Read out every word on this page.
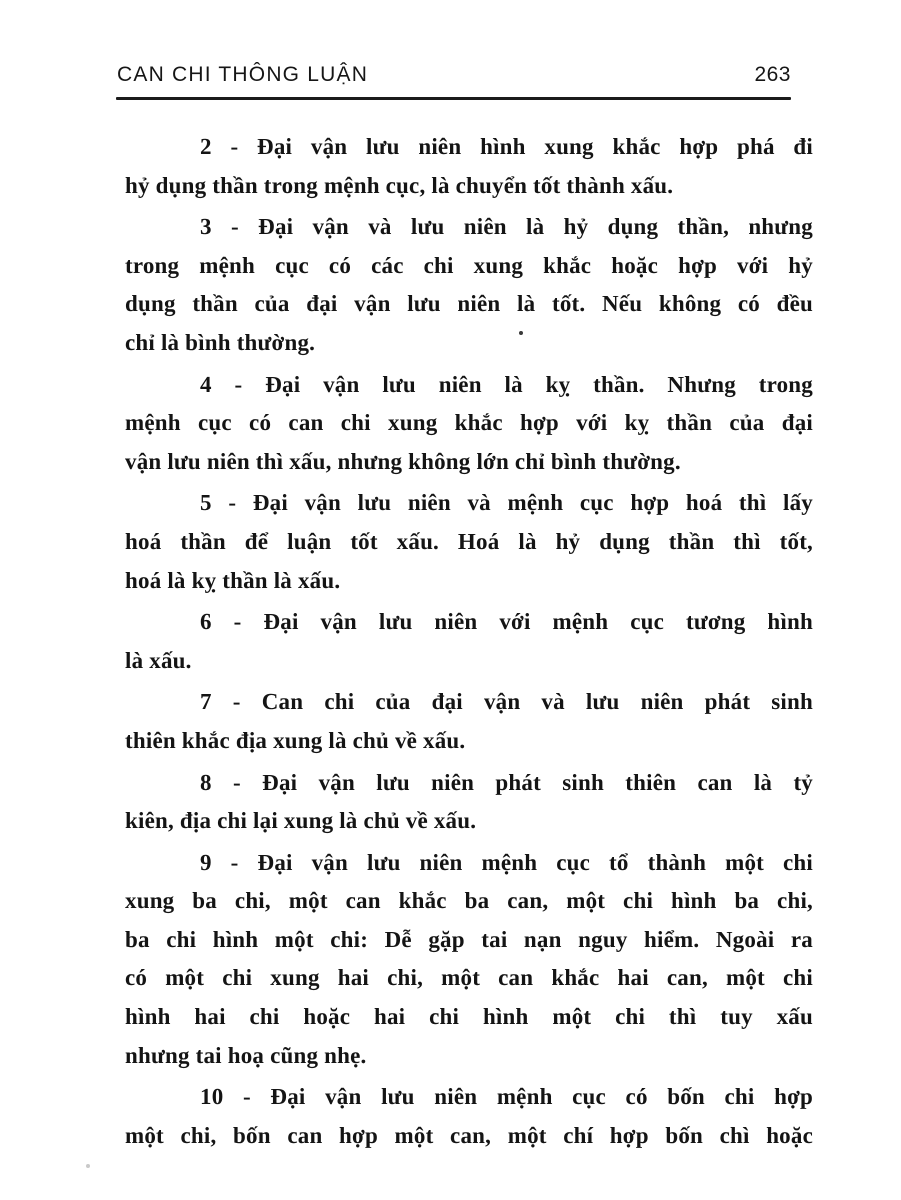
CAN CHI THÔNG LUẬN	263
2 - Đại vận lưu niên hình xung khắc hợp phá đi
hỷ dụng thần trong mệnh cục, là chuyển tốt thành xấu.
3 - Đại vận và lưu niên là hỷ dụng thần, nhưng
trong mệnh cục có các chi xung khắc hoặc hợp với hỷ
dụng thần của đại vận lưu niên là tốt. Nếu không có đều
chỉ là bình thường.
4 - Đại vận lưu niên là kỵ thần. Nhưng trong
mệnh cục có can chi xung khắc hợp với kỵ thần của đại
vận lưu niên thì xấu, nhưng không lớn chỉ bình thường.
5 - Đại vận lưu niên và mệnh cục hợp hoá thì lấy
hoá thần để luận tốt xấu. Hoá là hỷ dụng thần thì tốt,
hoá là kỵ thần là xấu.
6 - Đại vận lưu niên với mệnh cục tương hình
là xấu.
7 - Can chi của đại vận và lưu niên phát sinh
thiên khắc địa xung là chủ về xấu.
8 - Đại vận lưu niên phát sinh thiên can là tỷ
kiên, địa chi lại xung là chủ về xấu.
9 - Đại vận lưu niên mệnh cục tổ thành một chi
xung ba chi, một can khắc ba can, một chi hình ba chi,
ba chi hình một chi: Dễ gặp tai nạn nguy hiểm. Ngoài ra
có một chi xung hai chi, một can khắc hai can, một chi
hình hai chi hoặc hai chi hình một chi thì tuy xấu
nhưng tai hoạ cũng nhẹ.
10 - Đại vận lưu niên mệnh cục có bốn chi hợp
một chi, bốn can hợp một can, một chí hợp bốn chì hoặc
